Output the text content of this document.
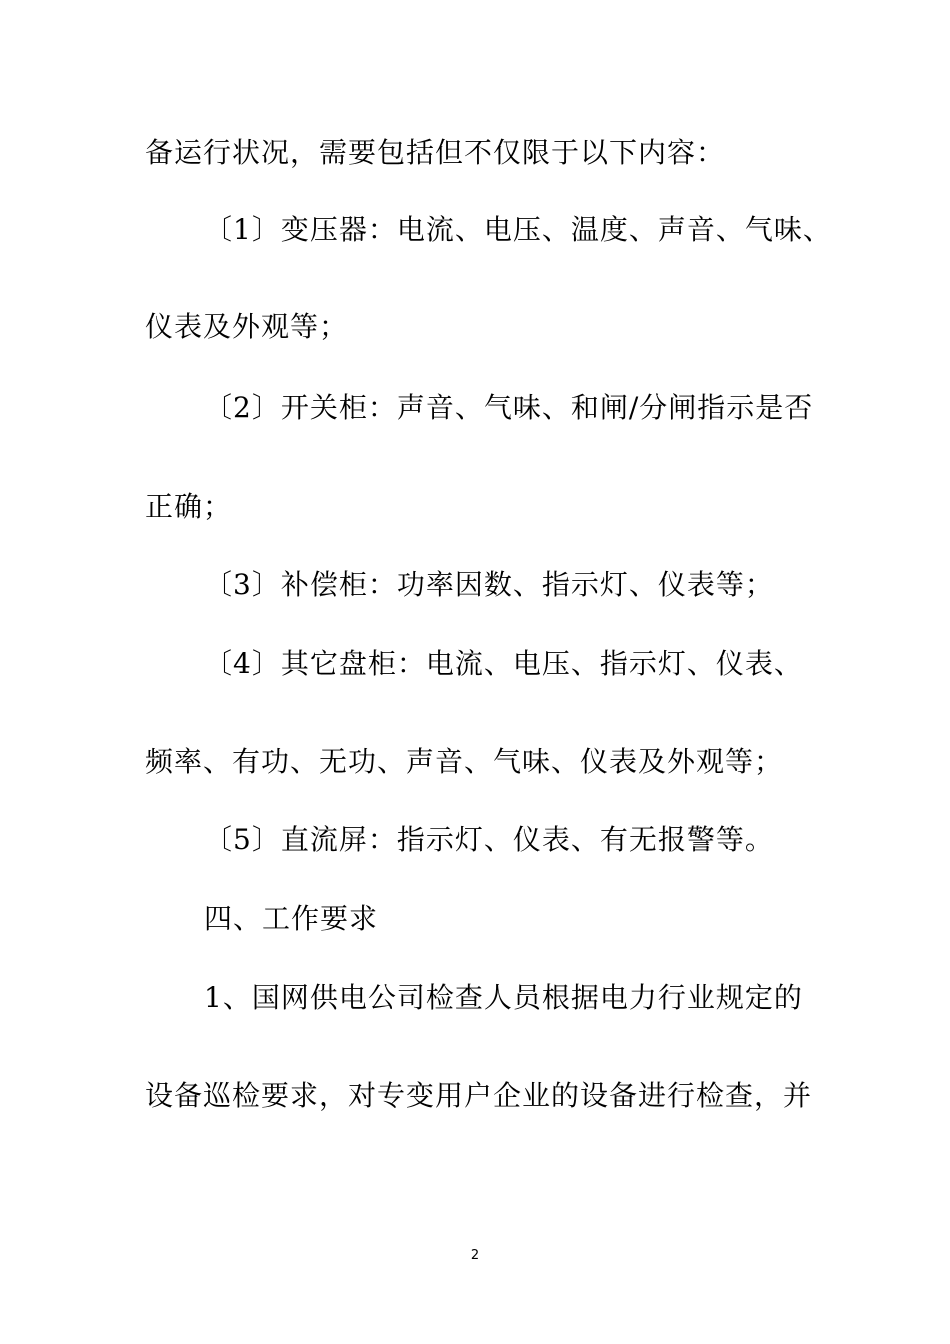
备运行状况，需要包括但不仅限于以下内容：
〔1〕变压器：电流、电压、温度、声音、气味、
仪表及外观等；
〔2〕开关柜：声音、气味、和闸/分闸指示是否
正确；
〔3〕补偿柜：功率因数、指示灯、仪表等；
〔4〕其它盘柜：电流、电压、指示灯、仪表、
频率、有功、无功、声音、气味、仪表及外观等；
〔5〕直流屏：指示灯、仪表、有无报警等。
四、工作要求
1、国网供电公司检查人员根据电力行业规定的
设备巡检要求，对专变用户企业的设备进行检查，并
2
